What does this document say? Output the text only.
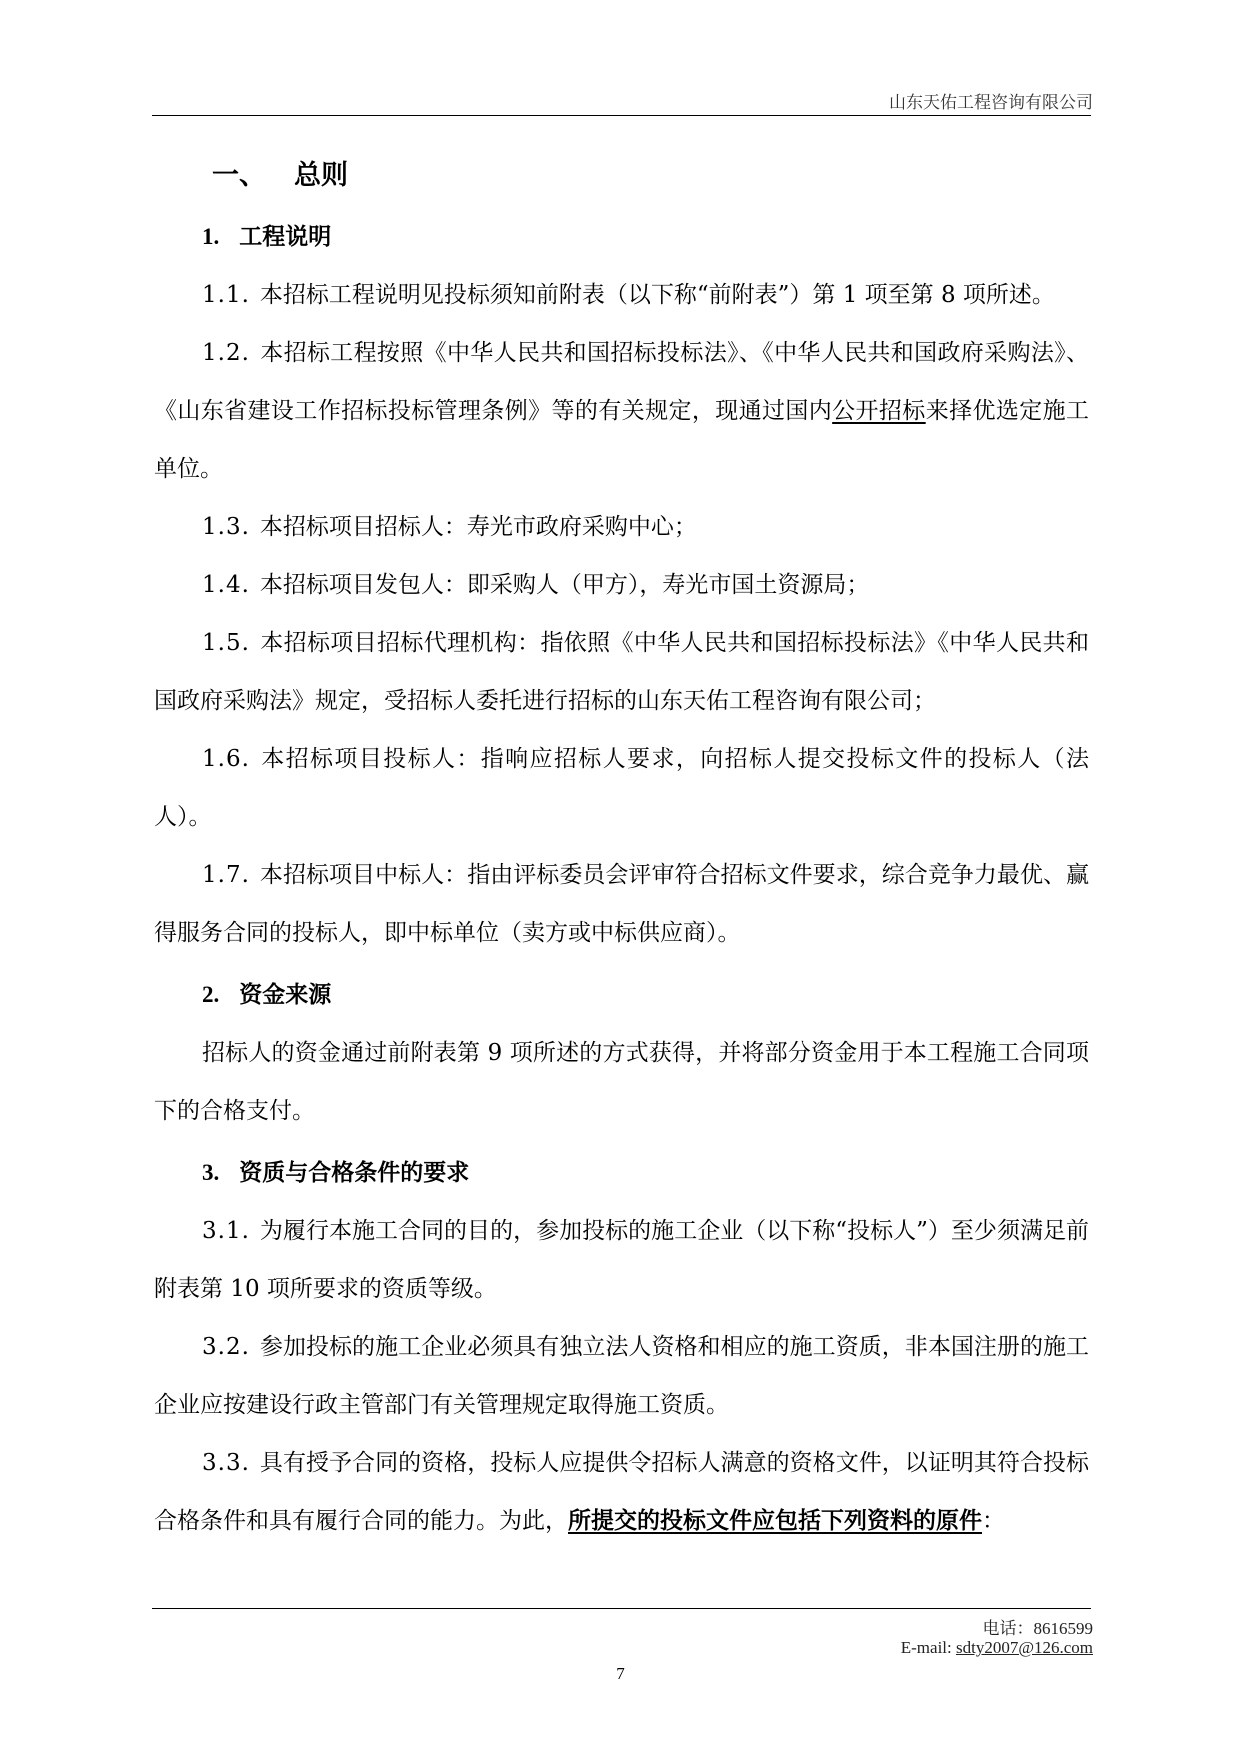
山东天佑工程咨询有限公司
一、 总则
1. 工程说明

1.1. 本招标工程说明见投标须知前附表（以下称“前附表”）第 1 项至第 8 项所述。

1.2. 本招标工程按照《中华人民共和国招标投标法》、《中华人民共和国政府采购法》、《山东省建设工作招标投标管理条例》等的有关规定，现通过国内公开招标来择优选定施工单位。

1.3. 本招标项目招标人：寿光市政府采购中心；

1.4. 本招标项目发包人：即采购人（甲方），寿光市国土资源局；

1.5. 本招标项目招标代理机构：指依照《中华人民共和国招标投标法》《中华人民共和国政府采购法》规定，受招标人委托进行招标的山东天佑工程咨询有限公司；

1.6. 本招标项目投标人：指响应招标人要求，向招标人提交投标文件的投标人（法人）。

1.7. 本招标项目中标人：指由评标委员会评审符合招标文件要求，综合竞争力最优、赢得服务合同的投标人，即中标单位（卖方或中标供应商）。

2. 资金来源

招标人的资金通过前附表第 9 项所述的方式获得，并将部分资金用于本工程施工合同项下的合格支付。

3. 资质与合格条件的要求

3.1. 为履行本施工合同的目的，参加投标的施工企业（以下称“投标人”）至少须满足前附表第 10 项所要求的资质等级。

3.2. 参加投标的施工企业必须具有独立法人资格和相应的施工资质，非本国注册的施工企业应按建设行政主管部门有关管理规定取得施工资质。

3.3. 具有授予合同的资格，投标人应提供令招标人满意的资格文件，以证明其符合投标合格条件和具有履行合同的能力。为此，所提交的投标文件应包括下列资料的原件：

电话：8616599
E-mail: sdty2007@126.com
7
